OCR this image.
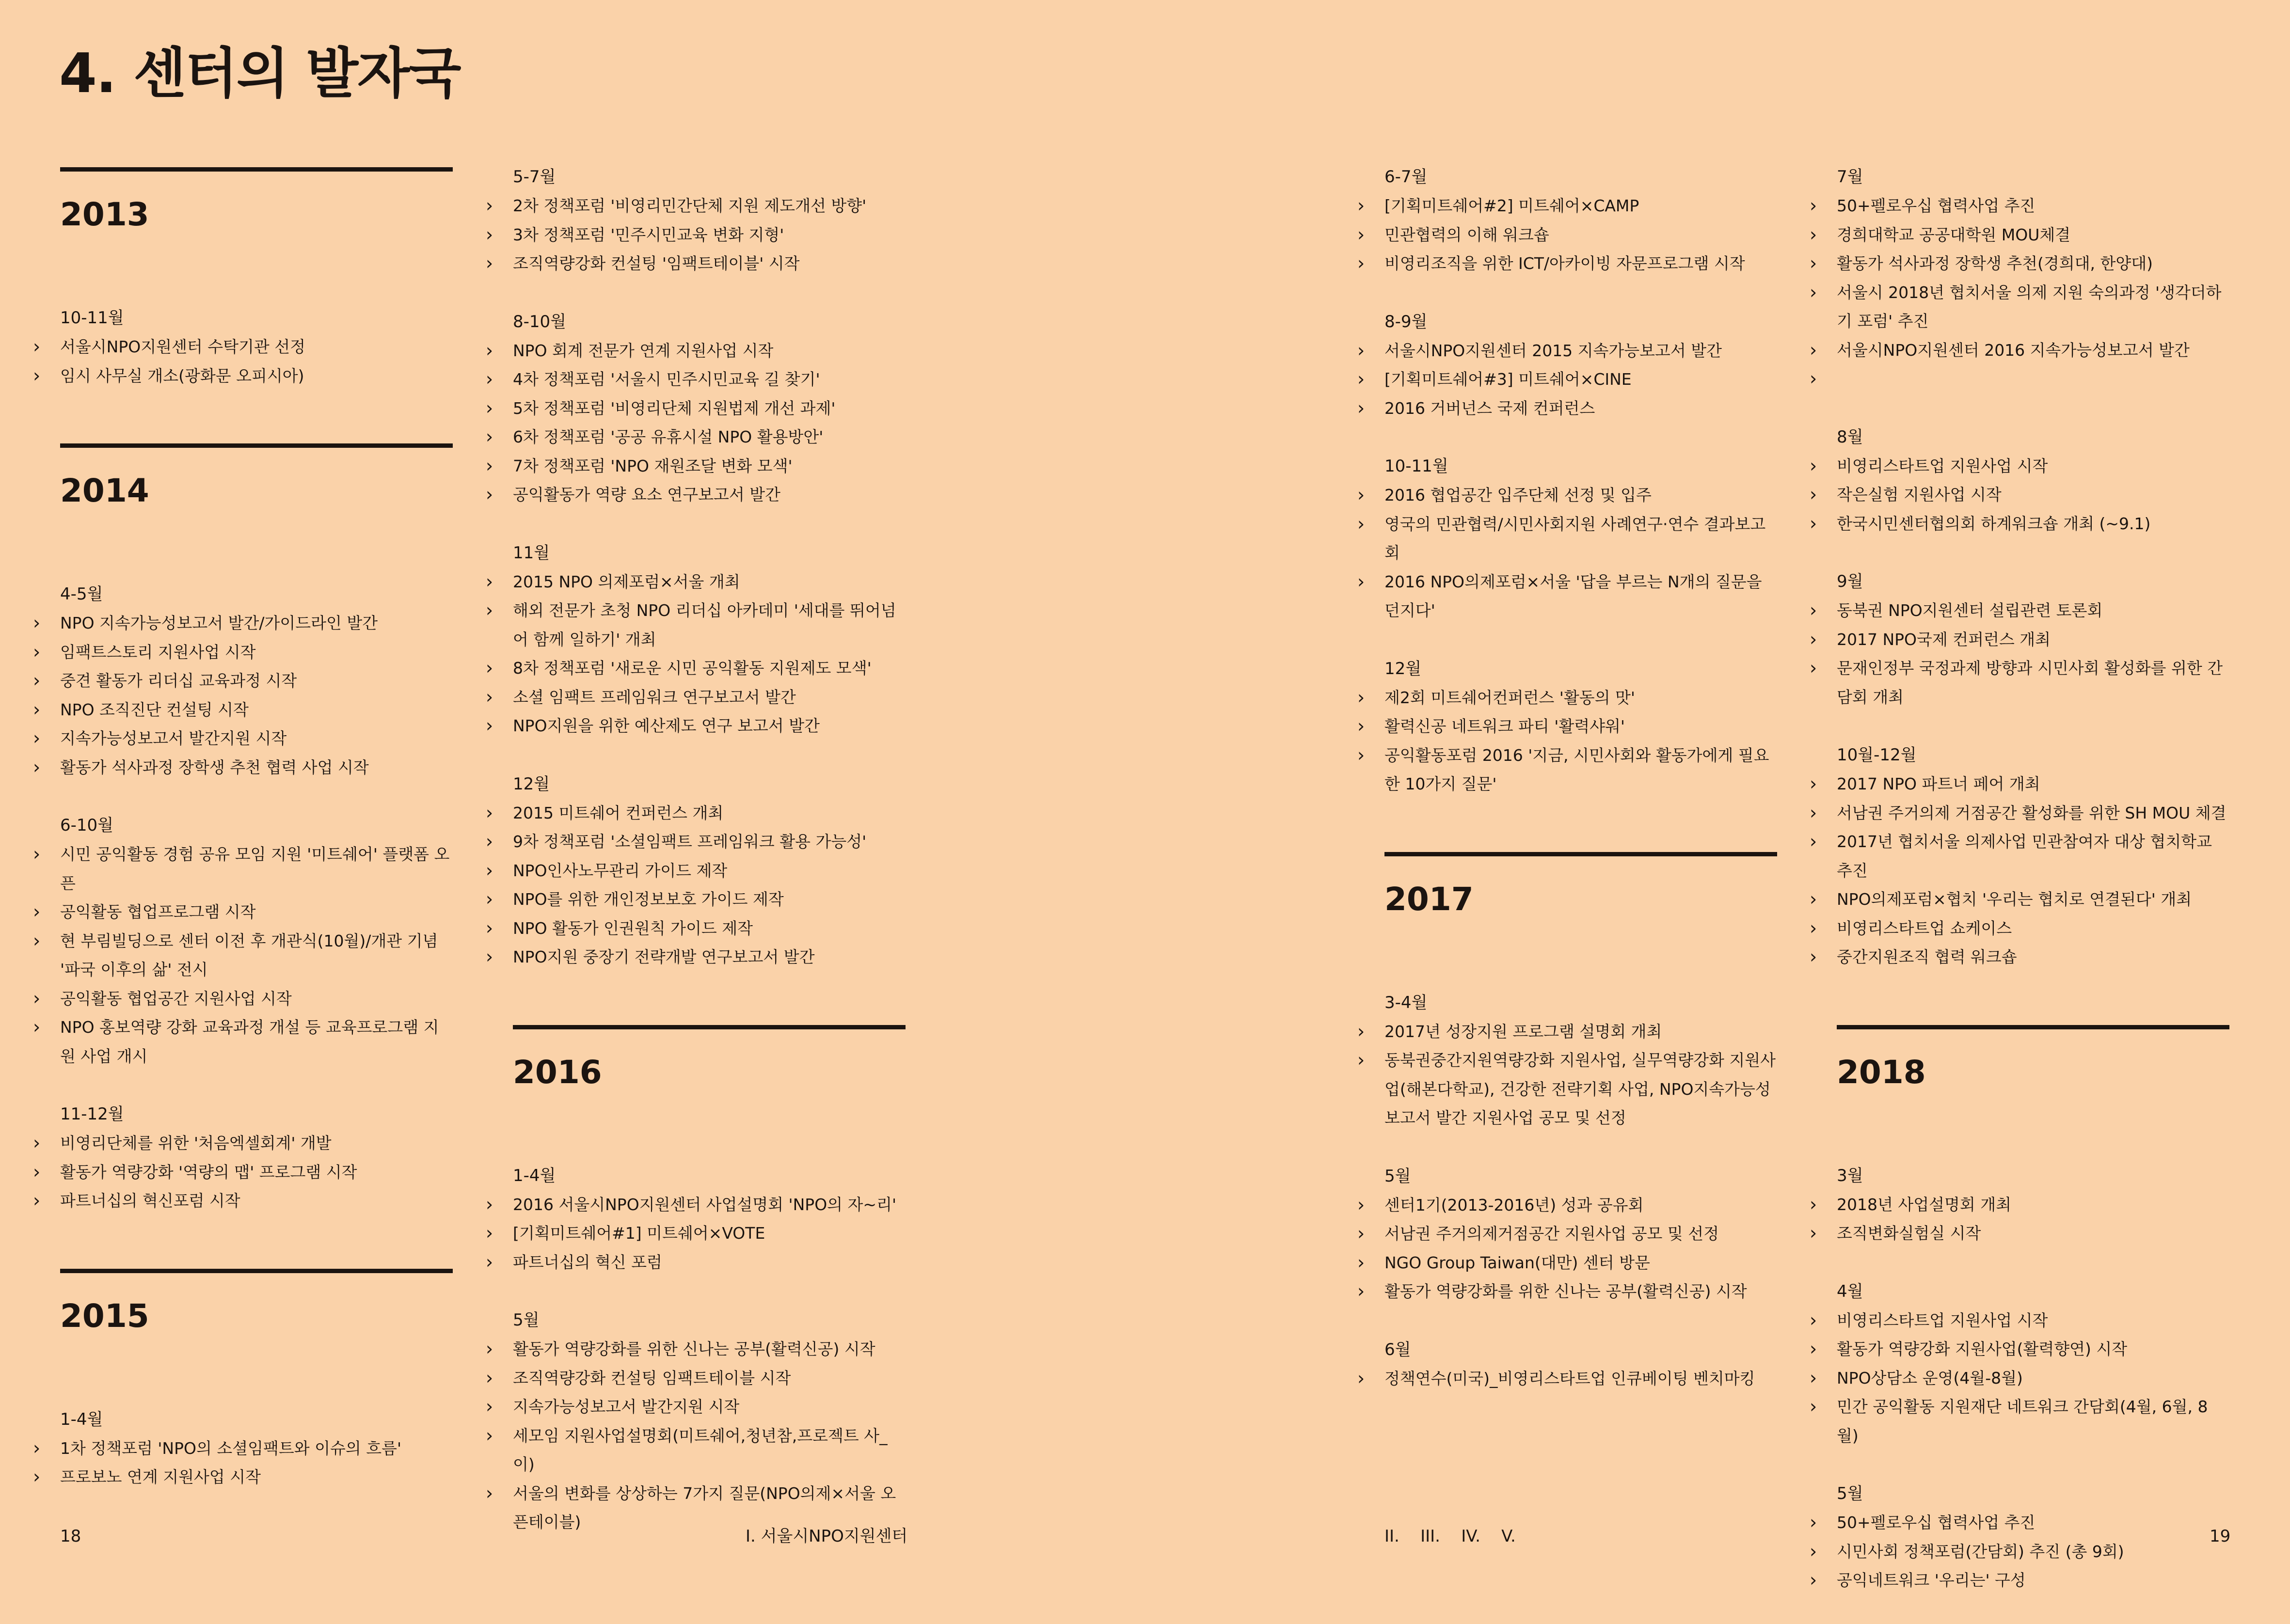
4. 센터의 발자국
2013
10-11월
› 서울시NPO지원센터 수탁기관 선정
› 임시 사무실 개소(광화문 오피시아)
2014
4-5월
› NPO 지속가능성보고서 발간/가이드라인 발간
› 임팩트스토리 지원사업 시작
› 중견 활동가 리더십 교육과정 시작
› NPO 조직진단 컨설팅 시작
› 지속가능성보고서 발간지원 시작
› 활동가 석사과정 장학생 추천 협력 사업 시작
6-10월
› 시민 공익활동 경험 공유 모임 지원 '미트쉐어' 플랫폼 오픈
› 공익활동 협업프로그램 시작
› 현 부림빌딩으로 센터 이전 후 개관식(10월)/개관 기념 '파국 이후의 삶' 전시
› 공익활동 협업공간 지원사업 시작
› NPO 홍보역량 강화 교육과정 개설 등 교육프로그램 지원 사업 개시
11-12월
› 비영리단체를 위한 '처음엑셀회계' 개발
› 활동가 역량강화 '역량의 맵' 프로그램 시작
› 파트너십의 혁신포럼 시작
2015
1-4월
› 1차 정책포럼 'NPO의 소셜임팩트와 이슈의 흐름'
› 프로보노 연계 지원사업 시작
5-7월
› 2차 정책포럼 '비영리민간단체 지원 제도개선 방향'
› 3차 정책포럼 '민주시민교육 변화 지형'
› 조직역량강화 컨설팅 '임팩트테이블' 시작
8-10월
› NPO 회계 전문가 연계 지원사업 시작
› 4차 정책포럼 '서울시 민주시민교육 길 찾기'
› 5차 정책포럼 '비영리단체 지원법제 개선 과제'
› 6차 정책포럼 '공공 유휴시설 NPO 활용방안'
› 7차 정책포럼 'NPO 재원조달 변화 모색'
› 공익활동가 역량 요소 연구보고서 발간
11월
› 2015 NPO 의제포럼×서울 개최
› 해외 전문가 초청 NPO 리더십 아카데미 '세대를 뛰어넘어 함께 일하기' 개최
› 8차 정책포럼 '새로운 시민 공익활동 지원제도 모색'
› 소셜 임팩트 프레임워크 연구보고서 발간
› NPO지원을 위한 예산제도 연구 보고서 발간
12월
› 2015 미트쉐어 컨퍼런스 개최
› 9차 정책포럼 '소셜임팩트 프레임워크 활용 가능성'
› NPO인사노무관리 가이드 제작
› NPO를 위한 개인정보보호 가이드 제작
› NPO 활동가 인권원칙 가이드 제작
› NPO지원 중장기 전략개발 연구보고서 발간
2016
1-4월
› 2016 서울시NPO지원센터 사업설명회 'NPO의 자~리'
› [기획미트쉐어#1] 미트쉐어×VOTE
› 파트너십의 혁신 포럼
5월
› 활동가 역량강화를 위한 신나는 공부(활력신공) 시작
› 조직역량강화 컨설팅 임팩트테이블 시작
› 지속가능성보고서 발간지원 시작
› 세모임 지원사업설명회(미트쉐어,청년참,프로젝트 사_이)
› 서울의 변화를 상상하는 7가지 질문(NPO의제×서울 오픈테이블)
6-7월
› [기획미트쉐어#2] 미트쉐어×CAMP
› 민관협력의 이해 워크숍
› 비영리조직을 위한 ICT/아카이빙 자문프로그램 시작
8-9월
› 서울시NPO지원센터 2015 지속가능보고서 발간
› [기획미트쉐어#3] 미트쉐어×CINE
› 2016 거버넌스 국제 컨퍼런스
10-11월
› 2016 협업공간 입주단체 선정 및 입주
› 영국의 민관협력/시민사회지원 사례연구·연수 결과보고회
› 2016 NPO의제포럼×서울 '답을 부르는 N개의 질문을 던지다'
12월
› 제2회 미트쉐어컨퍼런스 '활동의 맛'
› 활력신공 네트워크 파티 '활력샤워'
› 공익활동포럼 2016 '지금, 시민사회와 활동가에게 필요한 10가지 질문'
2017
3-4월
› 2017년 성장지원 프로그램 설명회 개최
› 동북권중간지원역량강화 지원사업, 실무역량강화 지원사업(해본다학교), 건강한 전략기획 사업, NPO지속가능성보고서 발간 지원사업 공모 및 선정
5월
› 센터1기(2013-2016년) 성과 공유회
› 서남권 주거의제거점공간 지원사업 공모 및 선정
› NGO Group Taiwan(대만) 센터 방문
› 활동가 역량강화를 위한 신나는 공부(활력신공) 시작
6월
› 정책연수(미국)_비영리스타트업 인큐베이팅 벤치마킹
7월
› 50+펠로우십 협력사업 추진
› 경희대학교 공공대학원 MOU체결
› 활동가 석사과정 장학생 추천(경희대, 한양대)
› 서울시 2018년 협치서울 의제 지원 숙의과정 '생각더하기 포럼' 추진
› 서울시NPO지원센터 2016 지속가능성보고서 발간
›
8월
› 비영리스타트업 지원사업 시작
› 작은실험 지원사업 시작
› 한국시민센터협의회 하계워크숍 개최 (~9.1)
9월
› 동북권 NPO지원센터 설립관련 토론회
› 2017 NPO국제 컨퍼런스 개최
› 문재인정부 국정과제 방향과 시민사회 활성화를 위한 간담회 개최
10월-12월
› 2017 NPO 파트너 페어 개최
› 서남권 주거의제 거점공간 활성화를 위한 SH MOU 체결
› 2017년 협치서울 의제사업 민관참여자 대상 협치학교 추진
› NPO의제포럼×협치 '우리는 협치로 연결된다' 개최
› 비영리스타트업 쇼케이스
› 중간지원조직 협력 워크숍
2018
3월
› 2018년 사업설명회 개최
› 조직변화실험실 시작
4월
› 비영리스타트업 지원사업 시작
› 활동가 역량강화 지원사업(활력향연) 시작
› NPO상담소 운영(4월-8월)
› 민간 공익활동 지원재단 네트워크 간담회(4월, 6월, 8월)
5월
› 50+펠로우십 협력사업 추진
› 시민사회 정책포럼(간담회) 추진 (총 9회)
› 공익네트워크 '우리는' 구성
18	I. 서울시NPO지원센터	II.    III.    IV.    V.	19
